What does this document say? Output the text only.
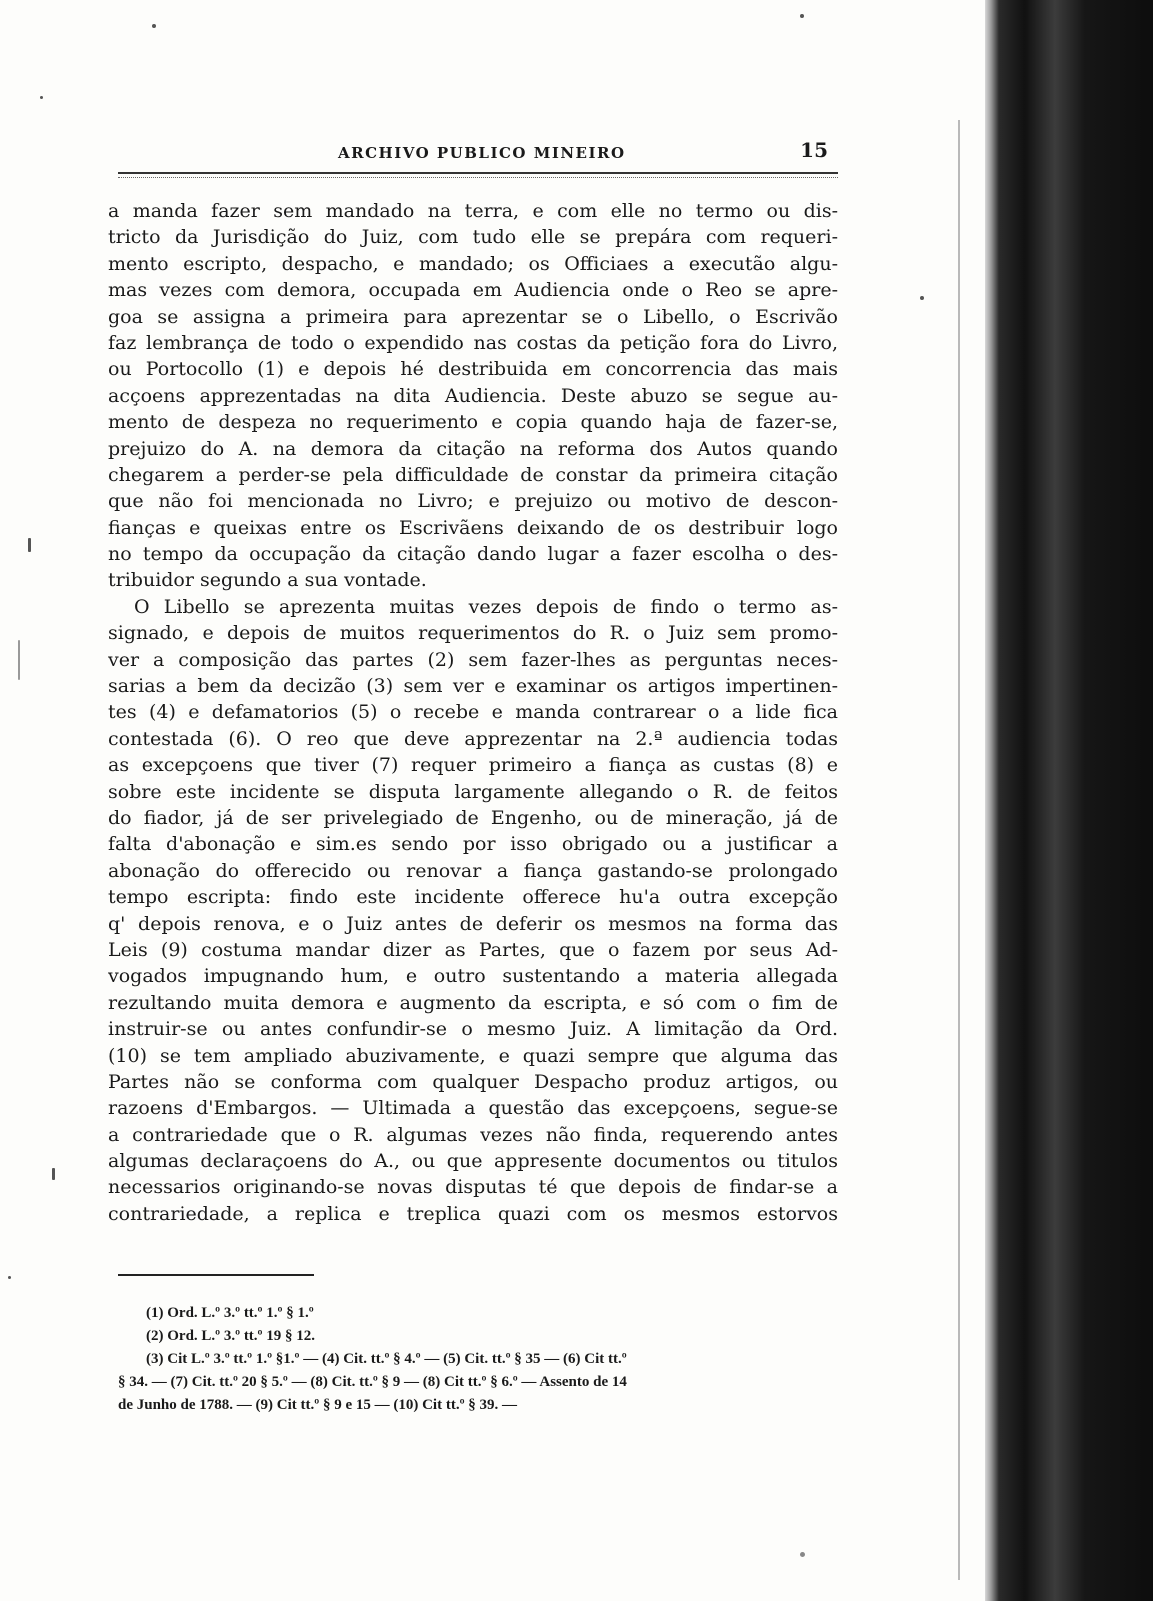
ARCHIVO PUBLICO MINEIRO	15
a manda fazer sem mandado na terra, e com elle no termo ou dis-
tricto da Jurisdição do Juiz, com tudo elle se prepára com requeri-
mento escripto, despacho, e mandado; os Officiaes a executão algu-
mas vezes com demora, occupada em Audiencia onde o Reo se apre-
goa se assigna a primeira para aprezentar se o Libello, o Escrivão
faz lembrança de todo o expendido nas costas da petição fora do Livro,
ou Portocollo (1) e depois hé destribuida em concorrencia das mais
acçoens apprezentadas na dita Audiencia. Deste abuzo se segue au-
mento de despeza no requerimento e copia quando haja de fazer-se,
prejuizo do A. na demora da citação na reforma dos Autos quando
chegarem a perder-se pela difficuldade de constar da primeira citação
que não foi mencionada no Livro; e prejuizo ou motivo de descon-
fianças e queixas entre os Escrivãens deixando de os destribuir logo
no tempo da occupação da citação dando lugar a fazer escolha o des-
tribuidor segundo a sua vontade.
O Libello se aprezenta muitas vezes depois de findo o termo as-
signado, e depois de muitos requerimentos do R. o Juiz sem promo-
ver a composição das partes (2) sem fazer-lhes as perguntas neces-
sarias a bem da decizão (3) sem ver e examinar os artigos impertinen-
tes (4) e defamatorios (5) o recebe e manda contrarear o a lide fica
contestada (6). O reo que deve apprezentar na 2.ª audiencia todas
as excepçoens que tiver (7) requer primeiro a fiança as custas (8) e
sobre este incidente se disputa largamente allegando o R. de feitos
do fiador, já de ser privelegiado de Engenho, ou de mineração, já de
falta d'abonação e sim.es sendo por isso obrigado ou a justificar a
abonação do offerecido ou renovar a fiança gastando-se prolongado
tempo escripta: findo este incidente offerece hu'a outra excepção
q' depois renova, e o Juiz antes de deferir os mesmos na forma das
Leis (9) costuma mandar dizer as Partes, que o fazem por seus Ad-
vogados impugnando hum, e outro sustentando a materia allegada
rezultando muita demora e augmento da escripta, e só com o fim de
instruir-se ou antes confundir-se o mesmo Juiz. A limitação da Ord.
(10) se tem ampliado abuzivamente, e quazi sempre que alguma das
Partes não se conforma com qualquer Despacho produz artigos, ou
razoens d'Embargos. — Ultimada a questão das excepçoens, segue-se
a contrariedade que o R. algumas vezes não finda, requerendo antes
algumas declaraçoens do A., ou que appresente documentos ou titulos
necessarios originando-se novas disputas té que depois de findar-se a
contrariedade, a replica e treplica quazi com os mesmos estorvos
(1) Ord. L.º 3.º tt.º 1.º § 1.º
(2) Ord. L.º 3.º tt.º 19 § 12.
(3) Cit L.º 3.º tt.º 1.º §1.º — (4) Cit. tt.º § 4.º — (5) Cit. tt.º § 35 — (6) Cit tt.º
§ 34. — (7) Cit. tt.º 20 § 5.º — (8) Cit. tt.º § 9 — (8) Cit tt.º § 6.º — Assento de 14
de Junho de 1788. — (9) Cit tt.º § 9 e 15 — (10) Cit tt.º § 39. —
